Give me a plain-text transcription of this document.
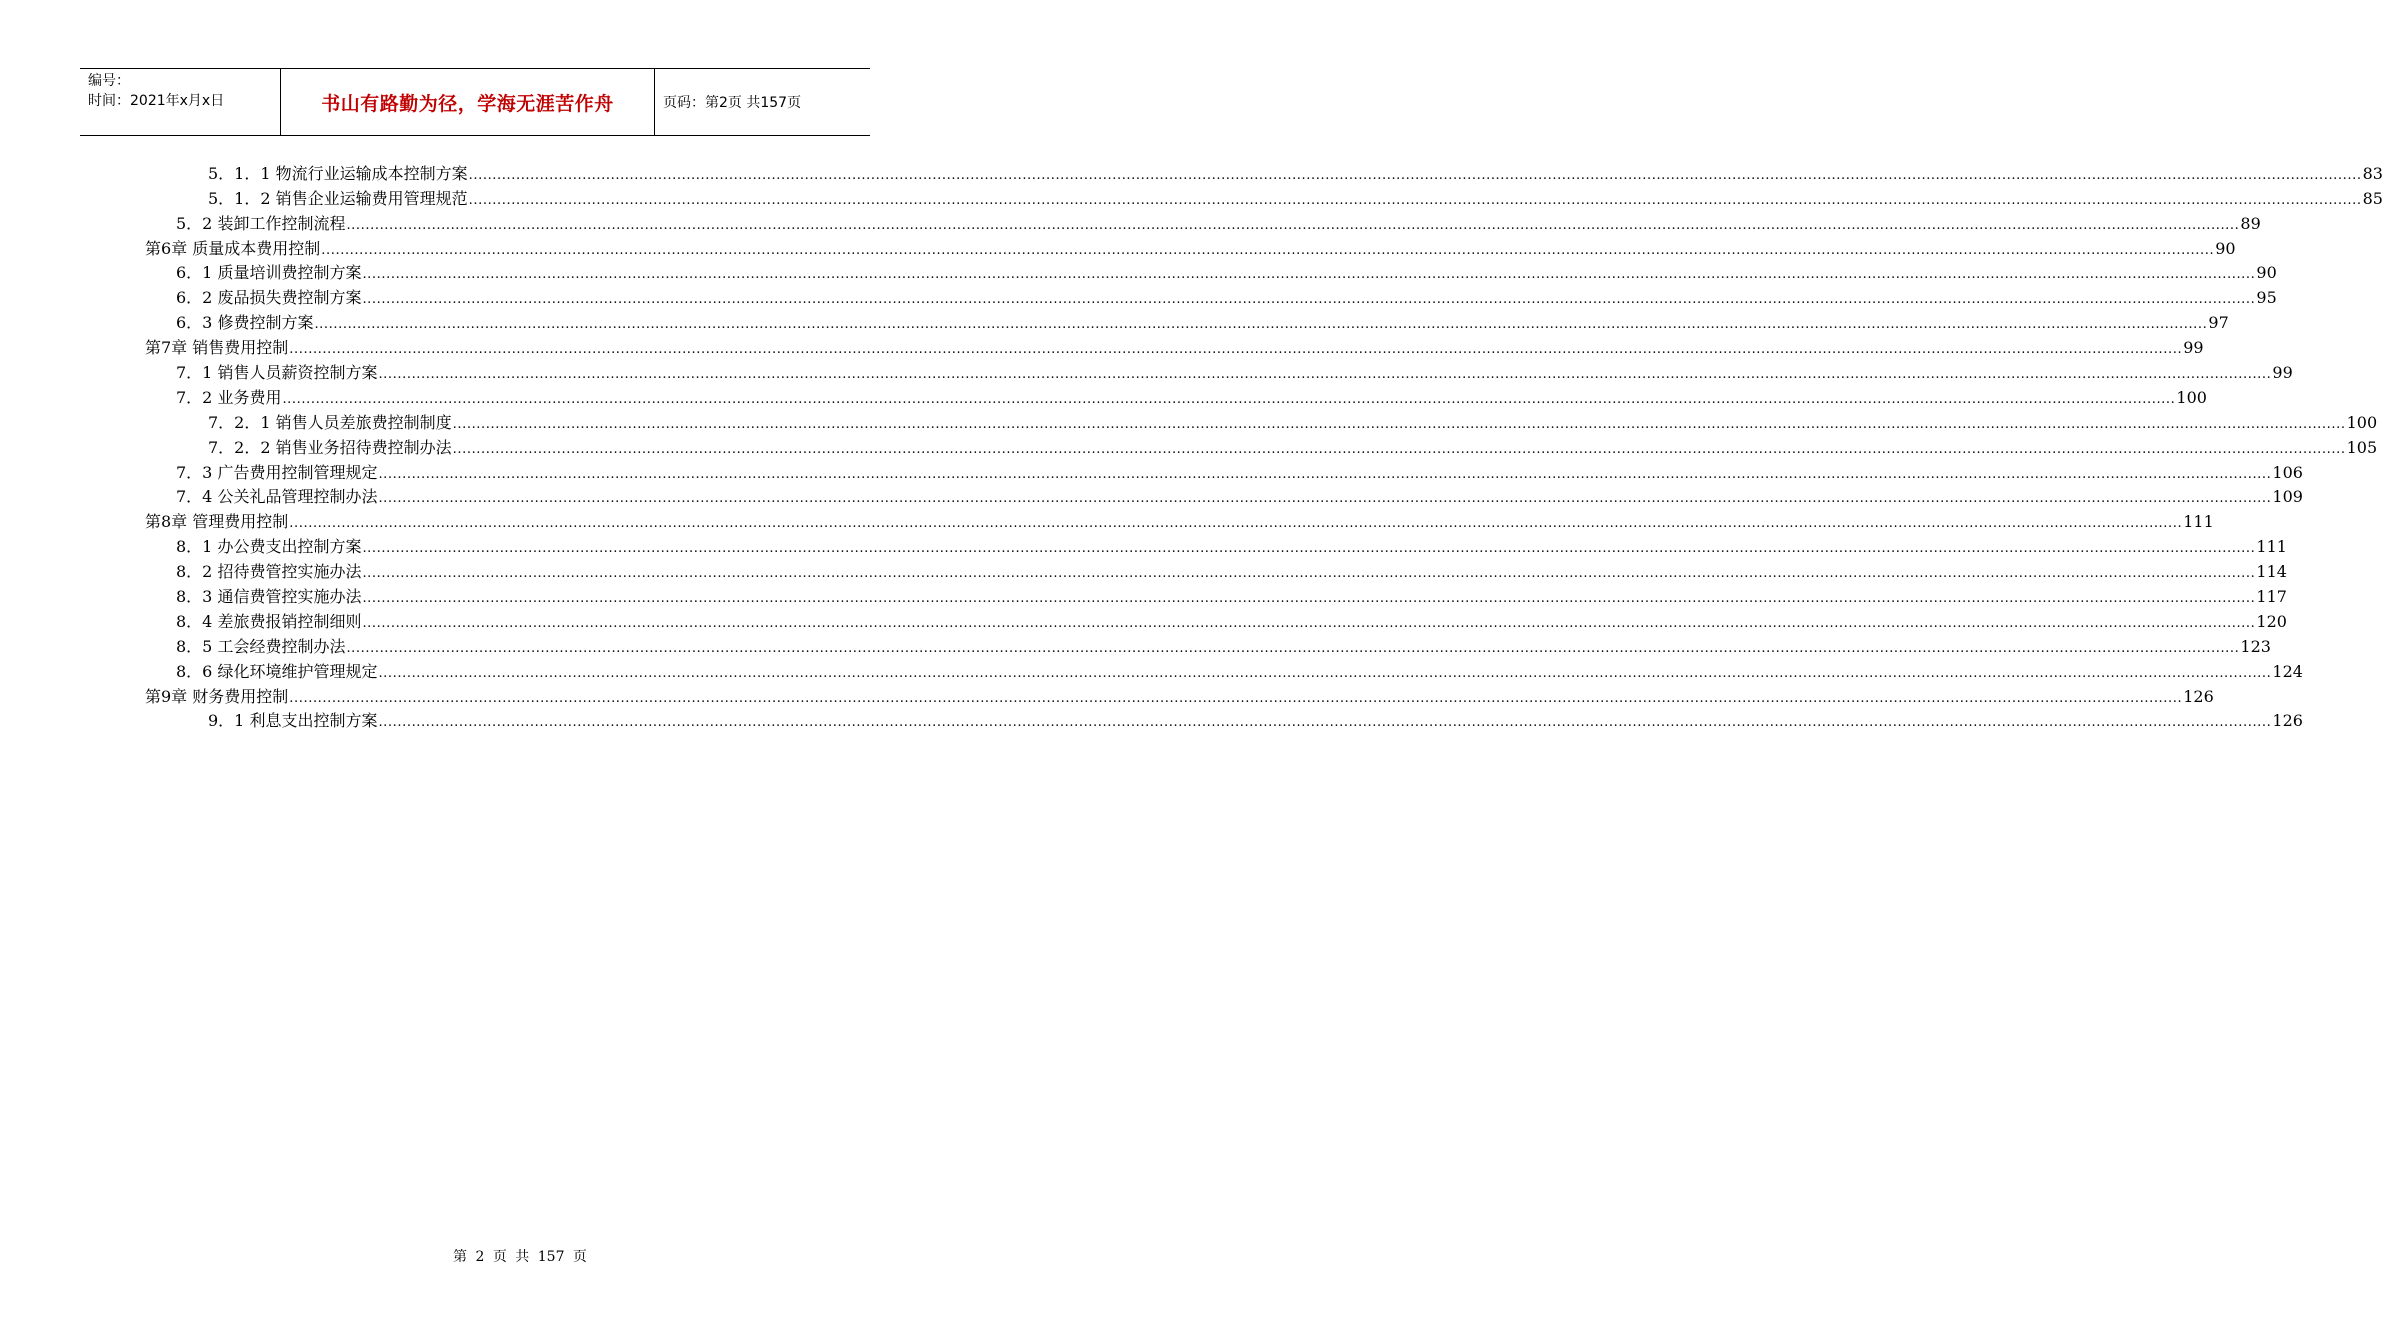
编号：
时间：2021年x月x日	书山有路勤为径，学海无涯苦作舟	页码：第2页 共157页
5．1．1 物流行业运输成本控制方案 ................................................................................................................................................................................................................................................................................................................................................................................................................ 83
5．1．2 销售企业运输费用管理规范 ................................................................................................................................................................................................................................................................................................................................................................................................................ 85
5．2 装卸工作控制流程 ................................................................................................................................................................................................................................................................................................................................................................................................................ 89
第6章 质量成本费用控制 ................................................................................................................................................................................................................................................................................................................................................................................................................ 90
6．1 质量培训费控制方案 ................................................................................................................................................................................................................................................................................................................................................................................................................ 90
6．2 废品损失费控制方案 ................................................................................................................................................................................................................................................................................................................................................................................................................ 95
6．3 修费控制方案 ................................................................................................................................................................................................................................................................................................................................................................................................................ 97
第7章 销售费用控制 ................................................................................................................................................................................................................................................................................................................................................................................................................ 99
7．1 销售人员薪资控制方案 ................................................................................................................................................................................................................................................................................................................................................................................................................ 99
7．2 业务费用 ................................................................................................................................................................................................................................................................................................................................................................................................................ 100
7．2．1 销售人员差旅费控制制度 ................................................................................................................................................................................................................................................................................................................................................................................................................ 100
7．2．2 销售业务招待费控制办法 ................................................................................................................................................................................................................................................................................................................................................................................................................ 105
7．3 广告费用控制管理规定 ................................................................................................................................................................................................................................................................................................................................................................................................................ 106
7．4 公关礼品管理控制办法 ................................................................................................................................................................................................................................................................................................................................................................................................................ 109
第8章 管理费用控制 ................................................................................................................................................................................................................................................................................................................................................................................................................ 111
8．1 办公费支出控制方案 ................................................................................................................................................................................................................................................................................................................................................................................................................ 111
8．2 招待费管控实施办法 ................................................................................................................................................................................................................................................................................................................................................................................................................ 114
8．3 通信费管控实施办法 ................................................................................................................................................................................................................................................................................................................................................................................................................ 117
8．4 差旅费报销控制细则 ................................................................................................................................................................................................................................................................................................................................................................................................................ 120
8．5 工会经费控制办法 ................................................................................................................................................................................................................................................................................................................................................................................................................ 123
8．6 绿化环境维护管理规定 ................................................................................................................................................................................................................................................................................................................................................................................................................ 124
第9章 财务费用控制 ................................................................................................................................................................................................................................................................................................................................................................................................................ 126
9．1 利息支出控制方案 ................................................................................................................................................................................................................................................................................................................................................................................................................ 126
第 2 页 共 157 页
